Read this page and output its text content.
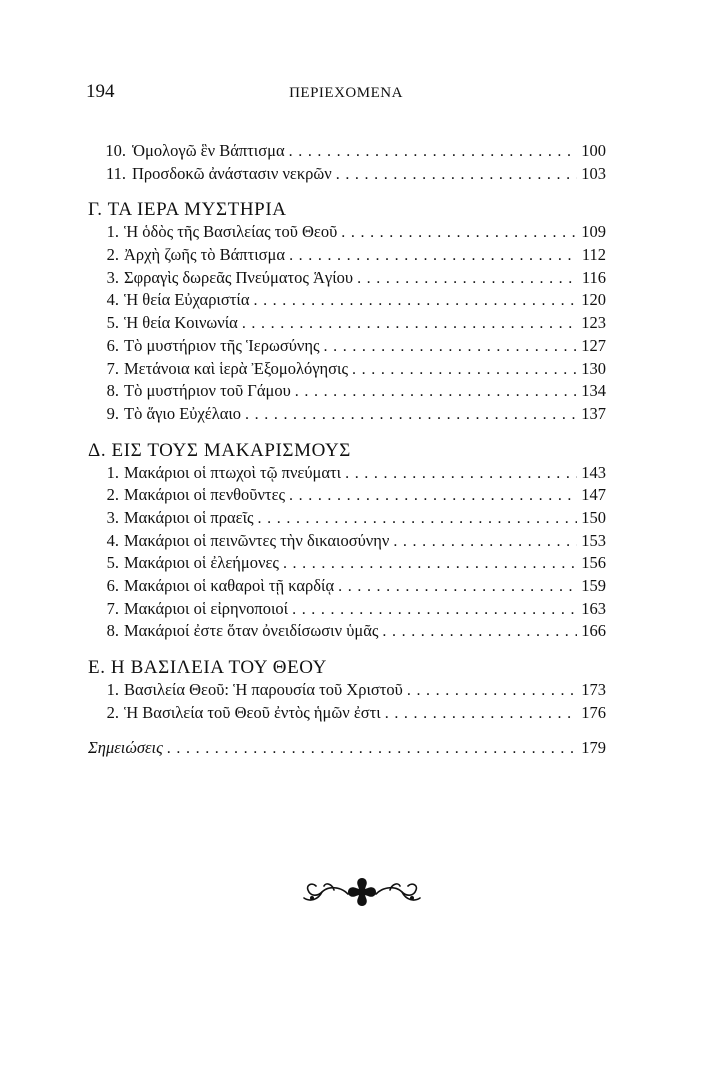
194	ΠΕΡΙΕΧΟΜΕΝΑ
10. Ὁμολογῶ ἓν Βάπτισμα . . .	100
11. Προσδοκῶ ἀνάστασιν νεκρῶν . . .	103
Γ. ΤΑ ΙΕΡΑ ΜΥΣΤΗΡΙΑ
1. Ἡ ὁδὸς τῆς Βασιλείας τοῦ Θεοῦ . . .	109
2. Ἀρχὴ ζωῆς τὸ Βάπτισμα . . .	112
3. Σφραγὶς δωρεᾶς Πνεύματος Ἁγίου . . .	116
4. Ἡ θεία Εὐχαριστία . . .	120
5. Ἡ θεία Κοινωνία . . .	123
6. Τὸ μυστήριον τῆς Ἱερωσύνης . . .	127
7. Μετάνοια καὶ ἱερὰ Ἐξομολόγησις . . .	130
8. Τὸ μυστήριον τοῦ Γάμου . . .	134
9. Τὸ ἅγιο Εὐχέλαιο . . .	137
Δ. ΕΙΣ ΤΟΥΣ ΜΑΚΑΡΙΣΜΟΥΣ
1. Μακάριοι οἱ πτωχοὶ τῷ πνεύματι . . .	143
2. Μακάριοι οἱ πενθοῦντες . . .	147
3. Μακάριοι οἱ πραεῖς . . .	150
4. Μακάριοι οἱ πεινῶντες τὴν δικαιοσύνην . . .	153
5. Μακάριοι οἱ ἐλεήμονες . . .	156
6. Μακάριοι οἱ καθαροὶ τῇ καρδίᾳ . . .	159
7. Μακάριοι οἱ εἰρηνοποιοί . . .	163
8. Μακάριοί ἐστε ὅταν ὀνειδίσωσιν ὑμᾶς . . .	166
Ε. Η ΒΑΣΙΛΕΙΑ ΤΟΥ ΘΕΟΥ
1. Βασιλεία Θεοῦ: Ἡ παρουσία τοῦ Χριστοῦ . . .	173
2. Ἡ Βασιλεία τοῦ Θεοῦ ἐντὸς ἡμῶν ἐστι . . .	176
Σημειώσεις . . .	179
